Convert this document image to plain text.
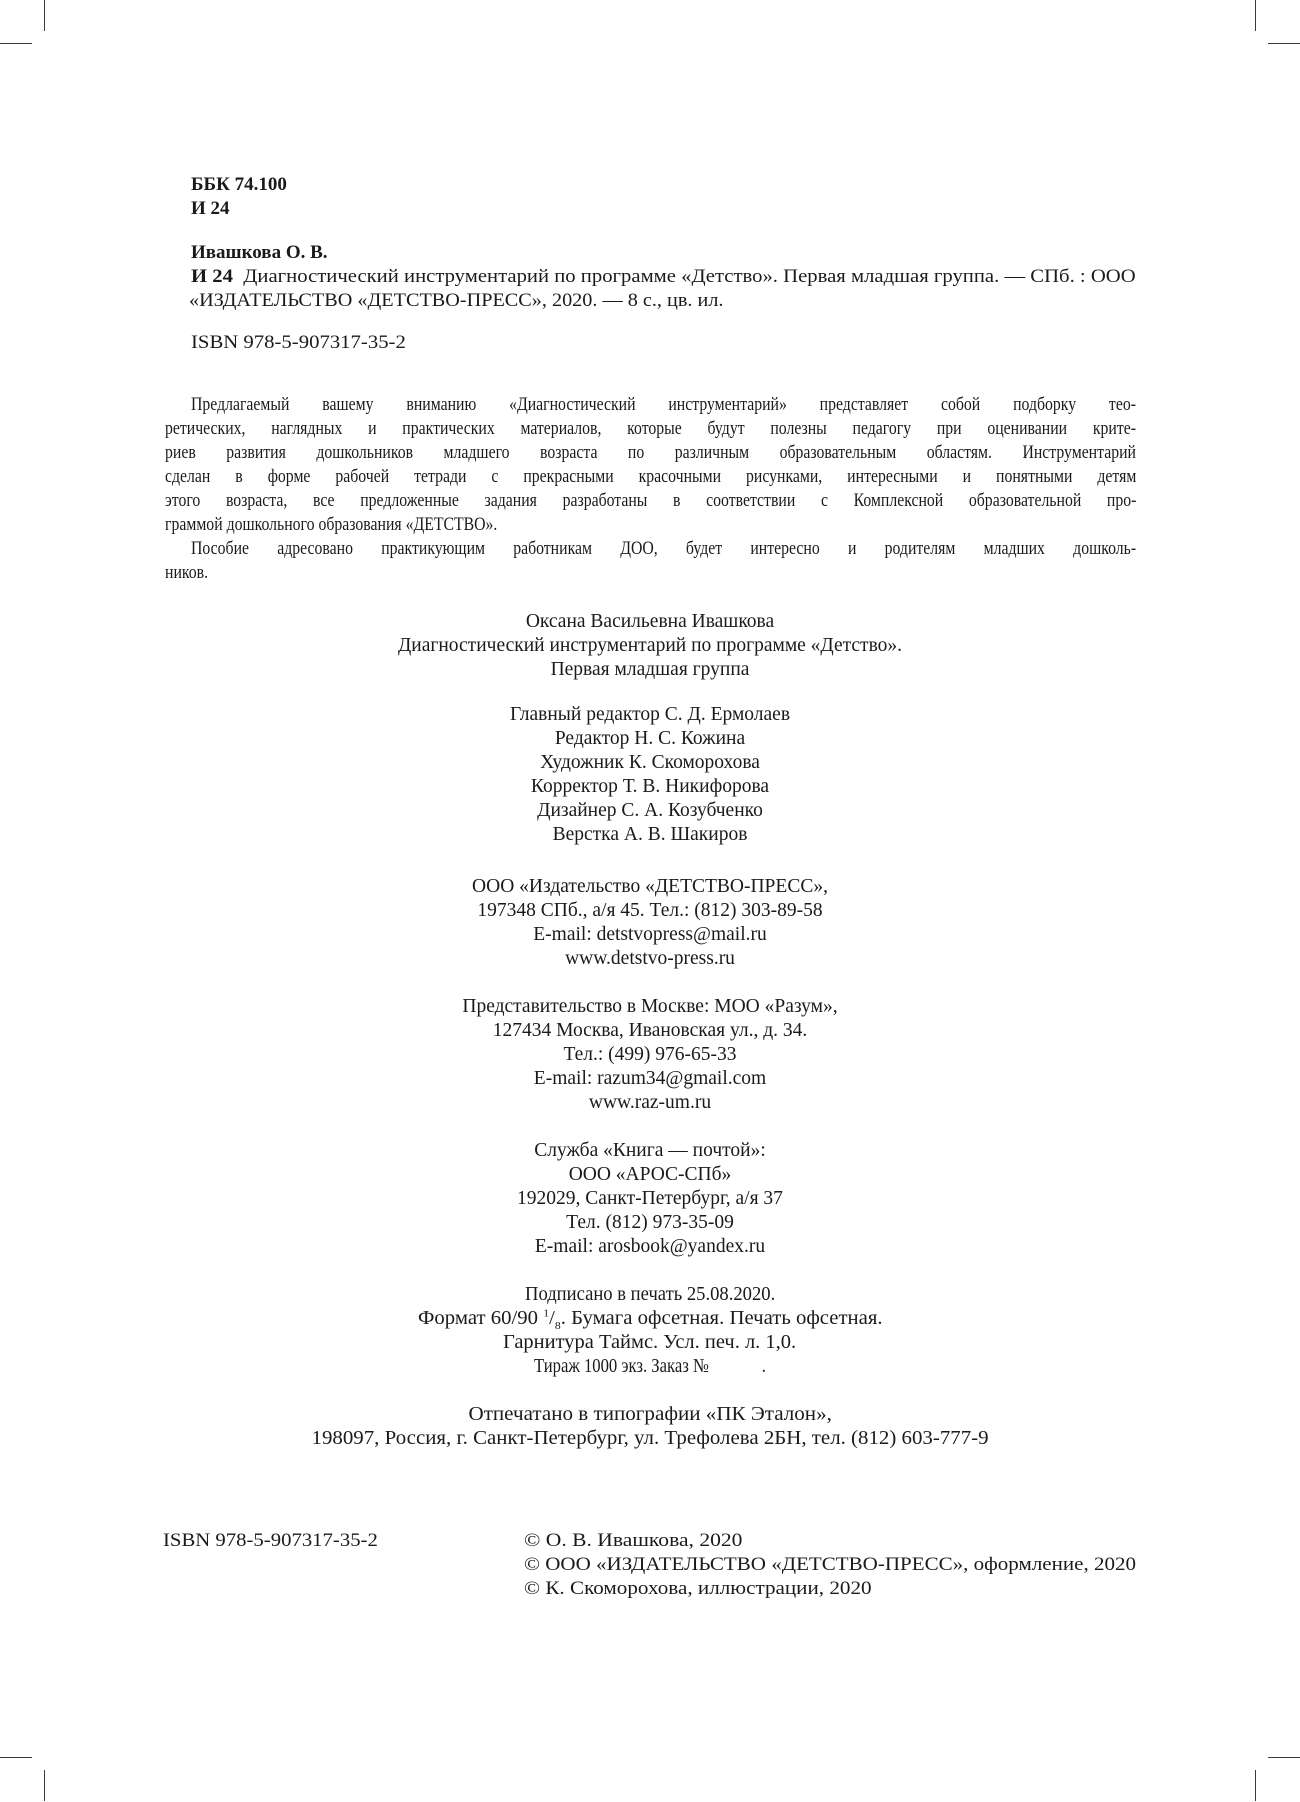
ББК 74.100
И 24
Ивашкова О. В.
И 24 Диагностический инструментарий по программе «Детство». Первая младшая группа. — СПб. : ООО
«ИЗДАТЕЛЬСТВО «ДЕТСТВО-ПРЕСС», 2020. — 8 с., цв. ил.
ISBN 978-5-907317-35-2
Предлагаемый вашему вниманию «Диагностический инструментарий» представляет собой подборку тео-
ретических, наглядных и практических материалов, которые будут полезны педагогу при оценивании крите-
риев развития дошкольников младшего возраста по различным образовательным областям. Инструментарий
сделан в форме рабочей тетради с прекрасными красочными рисунками, интересными и понятными детям
этого возраста, все предложенные задания разработаны в соответствии с Комплексной образовательной про-
граммой дошкольного образования «ДЕТСТВО».
Пособие адресовано практикующим работникам ДОО, будет интересно и родителям младших дошколь-
ников.
Оксана Васильевна Ивашкова
Диагностический инструментарий по программе «Детство».
Первая младшая группа
Главный редактор С. Д. Ермолаев
Редактор Н. С. Кожина
Художник К. Скоморохова
Корректор Т. В. Никифорова
Дизайнер С. А. Козубченко
Верстка А. В. Шакиров
ООО «Издательство «ДЕТСТВО-ПРЕСС»,
197348 СПб., а/я 45. Тел.: (812) 303-89-58
E-mail: detstvopress@mail.ru
www.detstvo-press.ru
Представительство в Москве: МОО «Разум»,
127434 Москва, Ивановская ул., д. 34.
Тел.: (499) 976-65-33
E-mail: razum34@gmail.com
www.raz-um.ru
Служба «Книга — почтой»:
ООО «АРОС-СПб»
192029, Санкт-Петербург, а/я 37
Тел. (812) 973-35-09
E-mail: arosbook@yandex.ru
Подписано в печать 25.08.2020.
Формат 60/90 $^1/_8$. Бумага офсетная. Печать офсетная.
Гарнитура Таймс. Усл. печ. л. 1,0.
Тираж 1000 экз. Заказ №	.
Отпечатано в типографии «ПК Эталон»,
198097, Россия, г. Санкт-Петербург, ул. Трефолева 2БН, тел. (812) 603-777-9
ISBN 978-5-907317-35-2	© О. В. Ивашкова, 2020
© ООО «ИЗДАТЕЛЬСТВО «ДЕТСТВО-ПРЕСС», оформление, 2020
© К. Скоморохова, иллюстрации, 2020
